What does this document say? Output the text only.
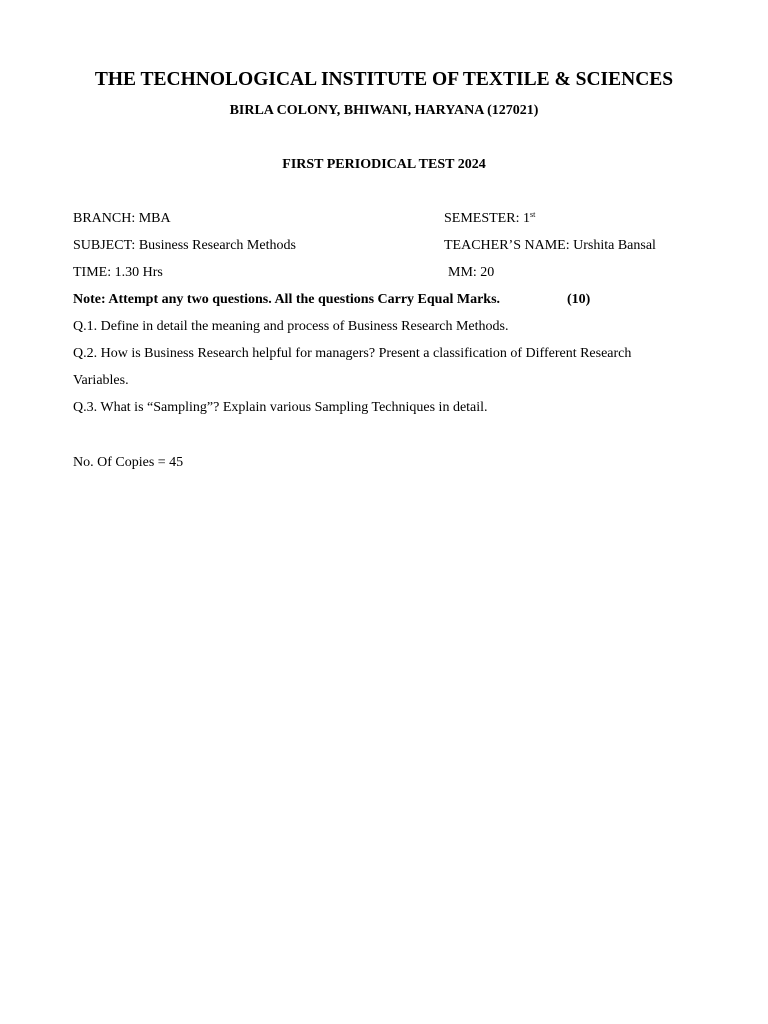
THE TECHNOLOGICAL INSTITUTE OF TEXTILE & SCIENCES
BIRLA COLONY, BHIWANI, HARYANA (127021)
FIRST PERIODICAL TEST 2024
BRANCH: MBA	SEMESTER: 1st
SUBJECT: Business Research Methods	TEACHER’S NAME: Urshita Bansal
TIME: 1.30 Hrs	MM: 20
Note: Attempt any two questions. All the questions Carry Equal Marks.	(10)
Q.1. Define in detail the meaning and process of Business Research Methods.
Q.2. How is Business Research helpful for managers? Present a classification of Different Research
Variables.
Q.3. What is “Sampling”? Explain various Sampling Techniques in detail.
No. Of Copies = 45
